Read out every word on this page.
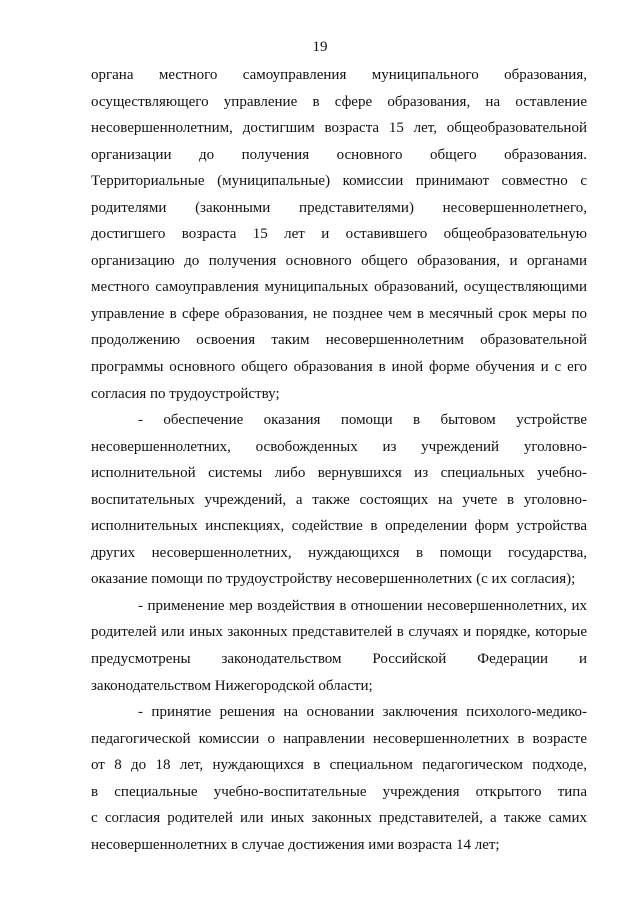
19

органа местного самоуправления муниципального образования,
осуществляющего управление в сфере образования, на оставление
несовершеннолетним, достигшим возраста 15 лет, общеобразовательной
организации до получения основного общего образования.
Территориальные (муниципальные) комиссии принимают совместно с
родителями (законными представителями) несовершеннолетнего,
достигшего возраста 15 лет и оставившего общеобразовательную
организацию до получения основного общего образования, и органами
местного самоуправления муниципальных образований, осуществляющими
управление в сфере образования, не позднее чем в месячный срок меры по
продолжению освоения таким несовершеннолетним образовательной
программы основного общего образования в иной форме обучения и с его
согласия по трудоустройству;

- обеспечение оказания помощи в бытовом устройстве
несовершеннолетних, освобожденных из учреждений уголовно-
исполнительной системы либо вернувшихся из специальных учебно-
воспитательных учреждений, а также состоящих на учете в уголовно-
исполнительных инспекциях, содействие в определении форм устройства
других несовершеннолетних, нуждающихся в помощи государства,
оказание помощи по трудоустройству несовершеннолетних (с их согласия);

- применение мер воздействия в отношении несовершеннолетних, их
родителей или иных законных представителей в случаях и порядке, которые
предусмотрены законодательством Российской Федерации и
законодательством Нижегородской области;

- принятие решения на основании заключения психолого-медико-
педагогической комиссии о направлении несовершеннолетних в возрасте
от 8 до 18 лет, нуждающихся в специальном педагогическом подходе,
в специальные учебно-воспитательные учреждения открытого типа
с согласия родителей или иных законных представителей, а также самих
несовершеннолетних в случае достижения ими возраста 14 лет;
